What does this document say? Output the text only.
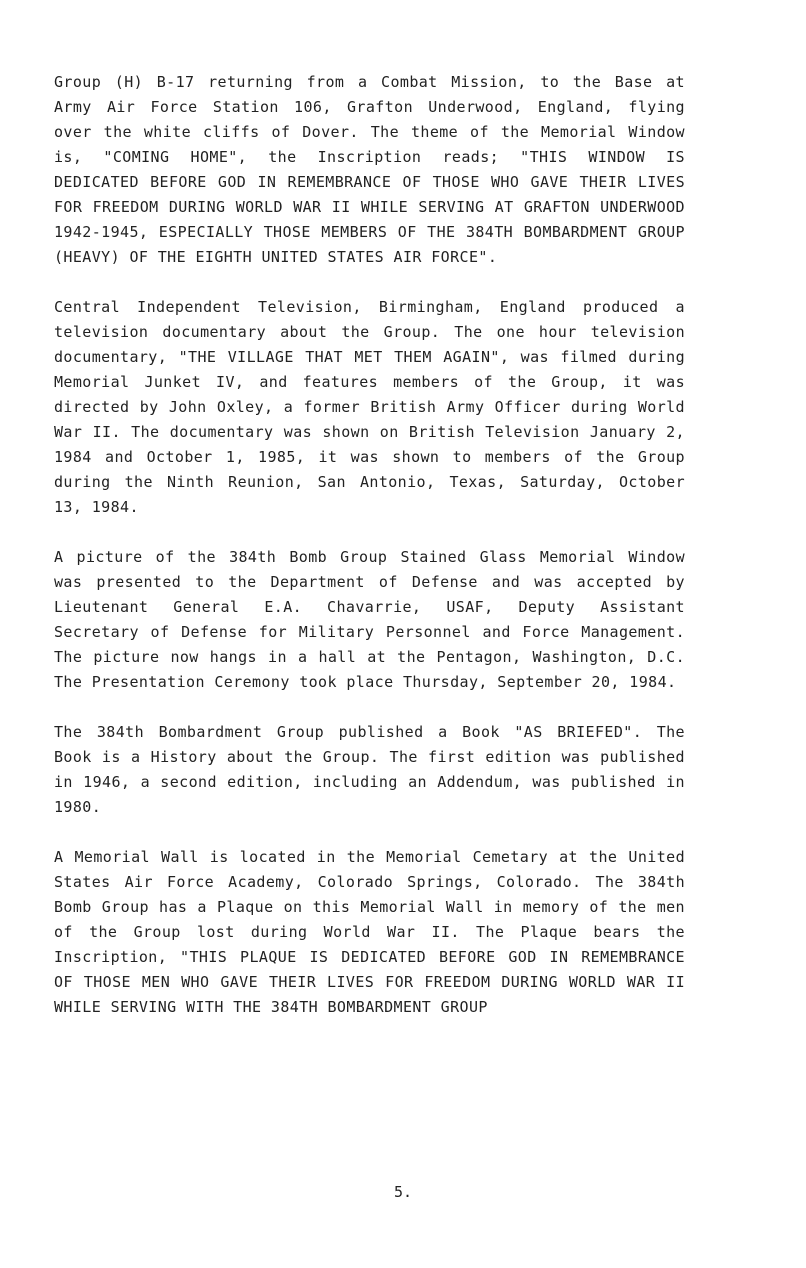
Group (H) B-17 returning from a Combat Mission, to the Base at Army Air Force Station 106, Grafton Underwood, England, flying over the white cliffs of Dover. The theme of the Memorial Window is, "COMING HOME", the Inscription reads; "THIS WINDOW IS DEDICATED BEFORE GOD IN REMEMBRANCE OF THOSE WHO GAVE THEIR LIVES FOR FREEDOM DURING WORLD WAR II WHILE SERVING AT GRAFTON UNDERWOOD 1942-1945, ESPECIALLY THOSE MEMBERS OF THE 384TH BOMBARDMENT GROUP (HEAVY) OF THE EIGHTH UNITED STATES AIR FORCE".

Central Independent Television, Birmingham, England produced a television documentary about the Group. The one hour television documentary, "THE VILLAGE THAT MET THEM AGAIN", was filmed during Memorial Junket IV, and features members of the Group, it was directed by John Oxley, a former British Army Officer during World War II. The documentary was shown on British Television January 2, 1984 and October 1, 1985, it was shown to members of the Group during the Ninth Reunion, San Antonio, Texas, Saturday, October 13, 1984.

A picture of the 384th Bomb Group Stained Glass Memorial Window was presented to the Department of Defense and was accepted by Lieutenant General E.A. Chavarrie, USAF, Deputy Assistant Secretary of Defense for Military Personnel and Force Management. The picture now hangs in a hall at the Pentagon, Washington, D.C. The Presentation Ceremony took place Thursday, September 20, 1984.

The 384th Bombardment Group published a Book "AS BRIEFED". The Book is a History about the Group. The first edition was published in 1946, a second edition, including an Addendum, was published in 1980.

A Memorial Wall is located in the Memorial Cemetary at the United States Air Force Academy, Colorado Springs, Colorado. The 384th Bomb Group has a Plaque on this Memorial Wall in memory of the men of the Group lost during World War II. The Plaque bears the Inscription, "THIS PLAQUE IS DEDICATED BEFORE GOD IN REMEMBRANCE OF THOSE MEN WHO GAVE THEIR LIVES FOR FREEDOM DURING WORLD WAR II WHILE SERVING WITH THE 384TH BOMBARDMENT GROUP

5.
